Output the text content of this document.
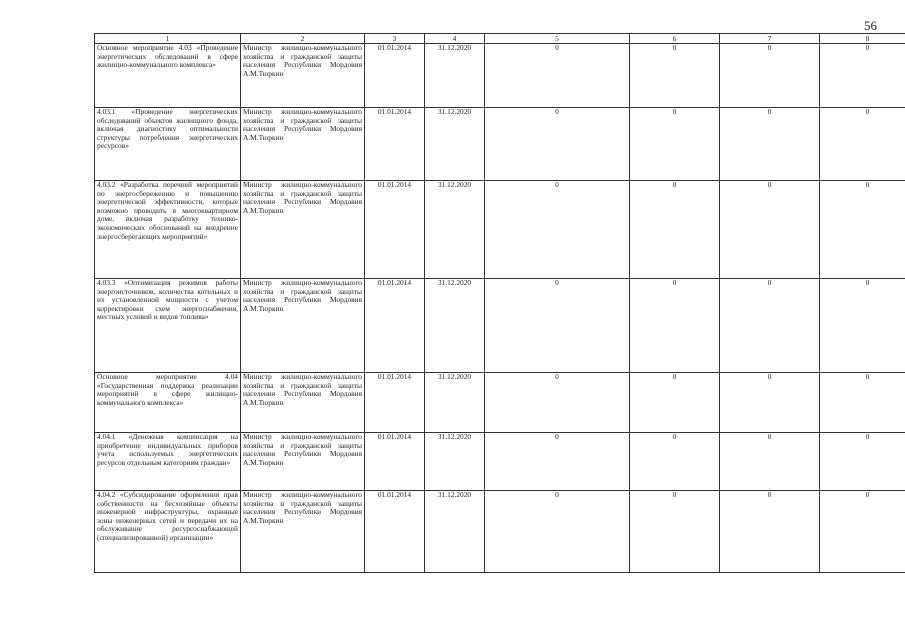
56
1	2	3	4	5	6	7	8
Основное мероприятие 4.03 «Проведение энергетических обследований в сфере жилищно-коммунального комплекса»	Министр жилищно-коммунального хозяйства и гражданской защиты населения Республики Мордовия А.М.Тюркин	01.01.2014	31.12.2020	0	0	0	0
4.03.1 «Проведение энергетических обследований объектов жилищного фонда, включая диагностику оптимальности структуры потребления энергетических ресурсов»	Министр жилищно-коммунального хозяйства и гражданской защиты населения Республики Мордовия А.М.Тюркин	01.01.2014	31.12.2020	0	0	0	0
4.03.2 «Разработка перечней мероприятий по энергосбережению и повышению энергетической эффективности, которые возможно проводить в многоквартирном доме, включая разработку технико-экономических обоснований на внедрение энергосберегающих мероприятий»	Министр жилищно-коммунального хозяйства и гражданской защиты населения Республики Мордовия А.М.Тюркин	01.01.2014	31.12.2020	0	0	0	0
4.03.3 «Оптимизация режимов работы энергоисточников, количества котельных и их установленной мощности с учетом корректировки схем энергоснабжения, местных условий и видов топлива»	Министр жилищно-коммунального хозяйства и гражданской защиты населения Республики Мордовия А.М.Тюркин	01.01.2014	31.12.2020	0	0	0	0
Основное мероприятие 4.04 «Государственная поддержка реализации мероприятий в сфере жилищно-коммунального комплекса»	Министр жилищно-коммунального хозяйства и гражданской защиты населения Республики Мордовия А.М.Тюркин	01.01.2014	31.12.2020	0	0	0	0
4.04.1 «Денежная компенсация на приобретение индивидуальных приборов учета используемых энергетических ресурсов отдельным категориям граждан»	Министр жилищно-коммунального хозяйства и гражданской защиты населения Республики Мордовия А.М.Тюркин	01.01.2014	31.12.2020	0	0	0	0
4.04.2 «Субсидирование оформления прав собственности на бесхозяйные объекты инженерной инфраструктуры, охранные зоны инженерных сетей и передачи их на обслуживание ресурсоснабжающей (специализированной) организации»	Министр жилищно-коммунального хозяйства и гражданской защиты населения Республики Мордовия А.М.Тюркин	01.01.2014	31.12.2020	0	0	0	0
